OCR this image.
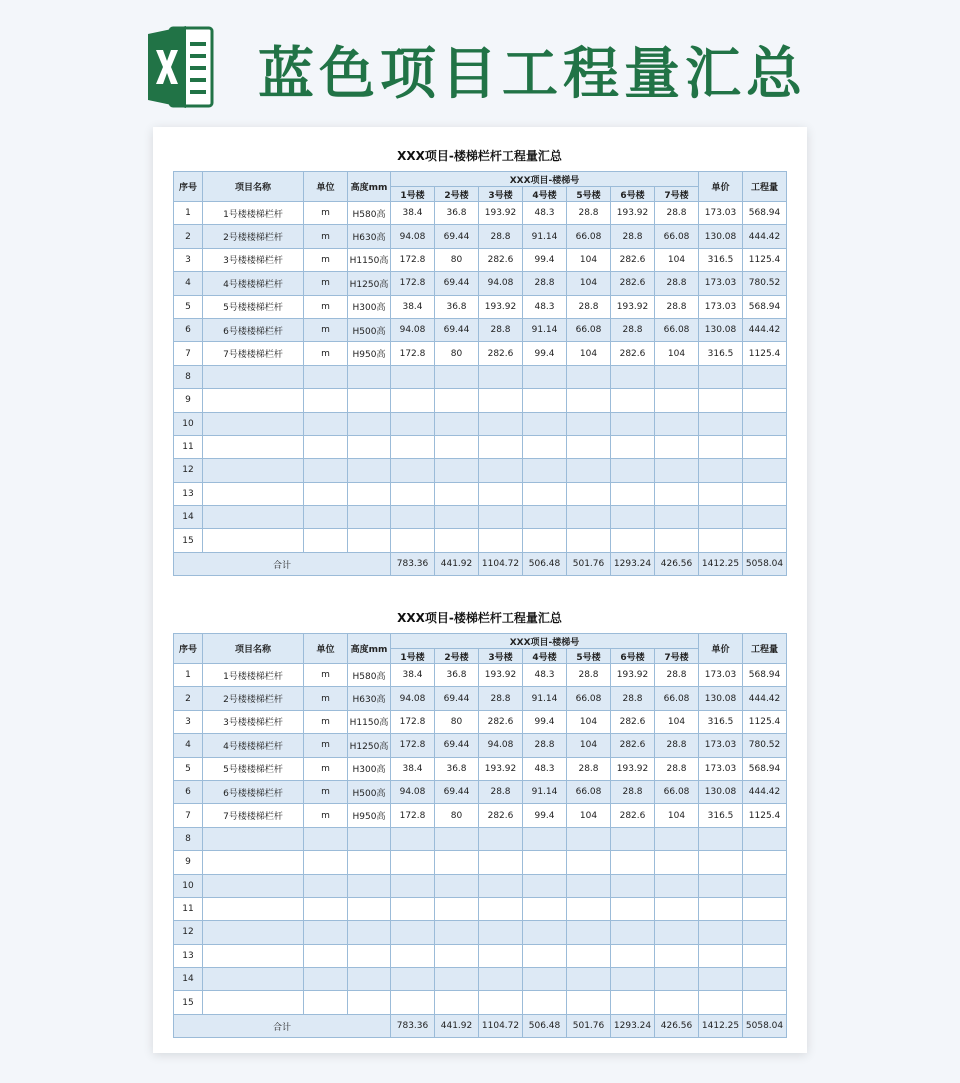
蓝色项目工程量汇总
XXX项目-楼梯栏杆工程量汇总
序号	项目名称	单位	高度mm	XXX项目-楼梯号							单价	工程量
				1号楼	2号楼	3号楼	4号楼	5号楼	6号楼	7号楼		
1	1号楼楼梯栏杆	m	H580高	38.4	36.8	193.92	48.3	28.8	193.92	28.8	173.03	568.94
2	2号楼楼梯栏杆	m	H630高	94.08	69.44	28.8	91.14	66.08	28.8	66.08	130.08	444.42
3	3号楼楼梯栏杆	m	H1150高	172.8	80	282.6	99.4	104	282.6	104	316.5	1125.4
4	4号楼楼梯栏杆	m	H1250高	172.8	69.44	94.08	28.8	104	282.6	28.8	173.03	780.52
5	5号楼楼梯栏杆	m	H300高	38.4	36.8	193.92	48.3	28.8	193.92	28.8	173.03	568.94
6	6号楼楼梯栏杆	m	H500高	94.08	69.44	28.8	91.14	66.08	28.8	66.08	130.08	444.42
7	7号楼楼梯栏杆	m	H950高	172.8	80	282.6	99.4	104	282.6	104	316.5	1125.4
8												
9												
10												
11												
12												
13												
14												
15												
合计				783.36	441.92	1104.72	506.48	501.76	1293.24	426.56	1412.25	5058.04
XXX项目-楼梯栏杆工程量汇总
序号	项目名称	单位	高度mm	XXX项目-楼梯号							单价	工程量
				1号楼	2号楼	3号楼	4号楼	5号楼	6号楼	7号楼		
1	1号楼楼梯栏杆	m	H580高	38.4	36.8	193.92	48.3	28.8	193.92	28.8	173.03	568.94
2	2号楼楼梯栏杆	m	H630高	94.08	69.44	28.8	91.14	66.08	28.8	66.08	130.08	444.42
3	3号楼楼梯栏杆	m	H1150高	172.8	80	282.6	99.4	104	282.6	104	316.5	1125.4
4	4号楼楼梯栏杆	m	H1250高	172.8	69.44	94.08	28.8	104	282.6	28.8	173.03	780.52
5	5号楼楼梯栏杆	m	H300高	38.4	36.8	193.92	48.3	28.8	193.92	28.8	173.03	568.94
6	6号楼楼梯栏杆	m	H500高	94.08	69.44	28.8	91.14	66.08	28.8	66.08	130.08	444.42
7	7号楼楼梯栏杆	m	H950高	172.8	80	282.6	99.4	104	282.6	104	316.5	1125.4
8												
9												
10												
11												
12												
13												
14												
15												
合计				783.36	441.92	1104.72	506.48	501.76	1293.24	426.56	1412.25	5058.04
